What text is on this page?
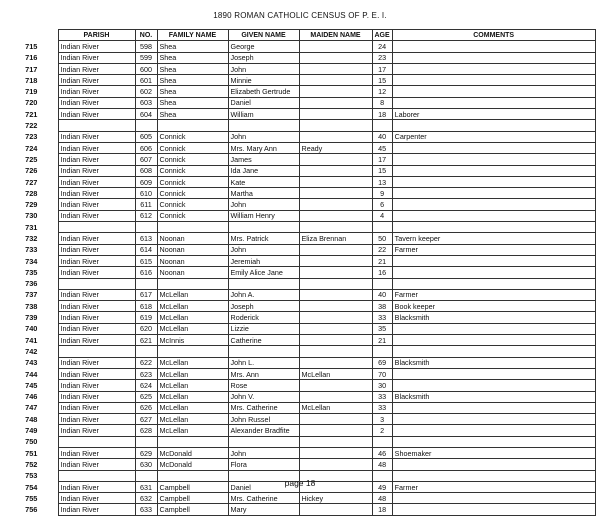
1890 ROMAN CATHOLIC CENSUS OF P. E. I.
	PARISH	NO.	FAMILY NAME	GIVEN NAME	MAIDEN NAME	AGE	COMMENTS
715	Indian River	598	Shea	George		24	
716	Indian River	599	Shea	Joseph		23	
717	Indian River	600	Shea	John		17	
718	Indian River	601	Shea	Minnie		15	
719	Indian River	602	Shea	Elizabeth Gertrude		12	
720	Indian River	603	Shea	Daniel		8	
721	Indian River	604	Shea	William		18	Laborer
722							
723	Indian River	605	Connick	John		40	Carpenter
724	Indian River	606	Connick	Mrs. Mary Ann	Ready	45	
725	Indian River	607	Connick	James		17	
726	Indian River	608	Connick	Ida Jane		15	
727	Indian River	609	Connick	Kate		13	
728	Indian River	610	Connick	Martha		9	
729	Indian River	611	Connick	John		6	
730	Indian River	612	Connick	William Henry		4	
731							
732	Indian River	613	Noonan	Mrs. Patrick	Eliza Brennan	50	Tavern keeper
733	Indian River	614	Noonan	John		22	Farmer
734	Indian River	615	Noonan	Jeremiah		21	
735	Indian River	616	Noonan	Emily Alice Jane		16	
736							
737	Indian River	617	McLellan	John A.		40	Farmer
738	Indian River	618	McLellan	Joseph		38	Book keeper
739	Indian River	619	McLellan	Roderick		33	Blacksmith
740	Indian River	620	McLellan	Lizzie		35	
741	Indian River	621	McInnis	Catherine		21	
742							
743	Indian River	622	McLellan	John L.		69	Blacksmith
744	Indian River	623	McLellan	Mrs. Ann	McLellan	70	
745	Indian River	624	McLellan	Rose		30	
746	Indian River	625	McLellan	John V.		33	Blacksmith
747	Indian River	626	McLellan	Mrs. Catherine	McLellan	33	
748	Indian River	627	McLellan	John Russel		3	
749	Indian River	628	McLellan	Alexander Bradfite		2	
750							
751	Indian River	629	McDonald	John		46	Shoemaker
752	Indian River	630	McDonald	Flora		48	
753							
754	Indian River	631	Campbell	Daniel		49	Farmer
755	Indian River	632	Campbell	Mrs. Catherine	Hickey	48	
756	Indian River	633	Campbell	Mary		18	
page 18
